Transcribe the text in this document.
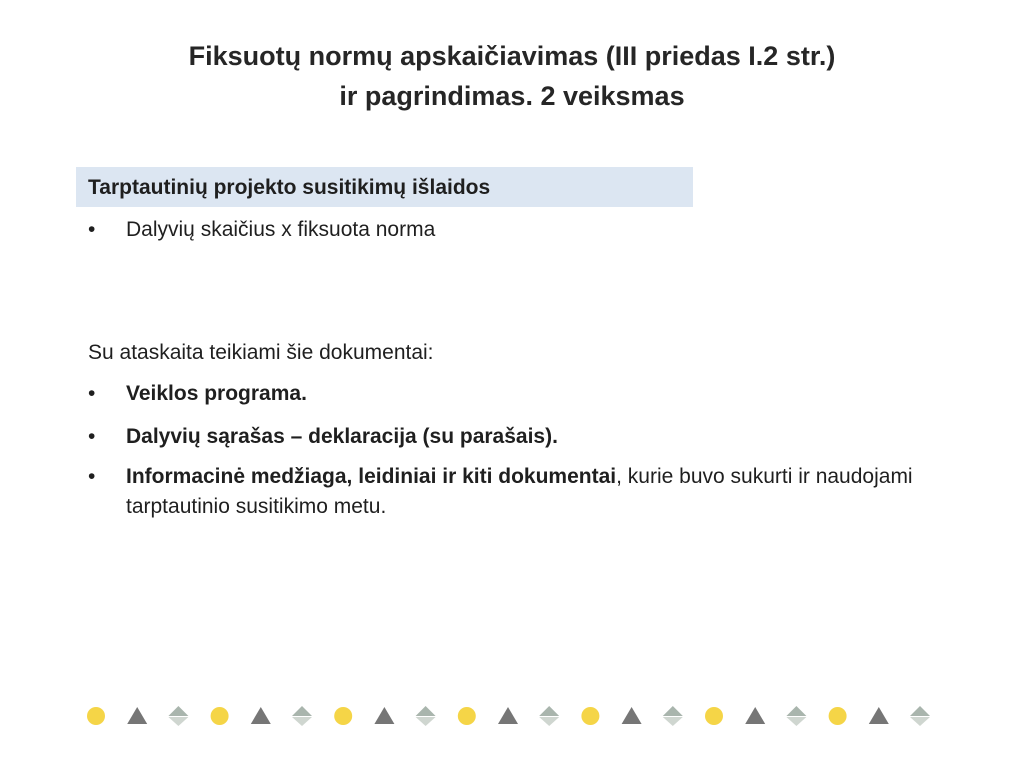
Fiksuotų normų apskaičiavimas (III priedas I.2 str.)
ir pagrindimas. 2 veiksmas
Tarptautinių projekto susitikimų išlaidos
•	Dalyvių skaičius x fiksuota norma
Su ataskaita teikiami šie dokumentai:
•	Veiklos programa.
•	Dalyvių sąrašas – deklaracija (su parašais).
•	Informacinė medžiaga, leidiniai ir kiti dokumentai, kurie buvo sukurti ir naudojami tarptautinio susitikimo metu.
